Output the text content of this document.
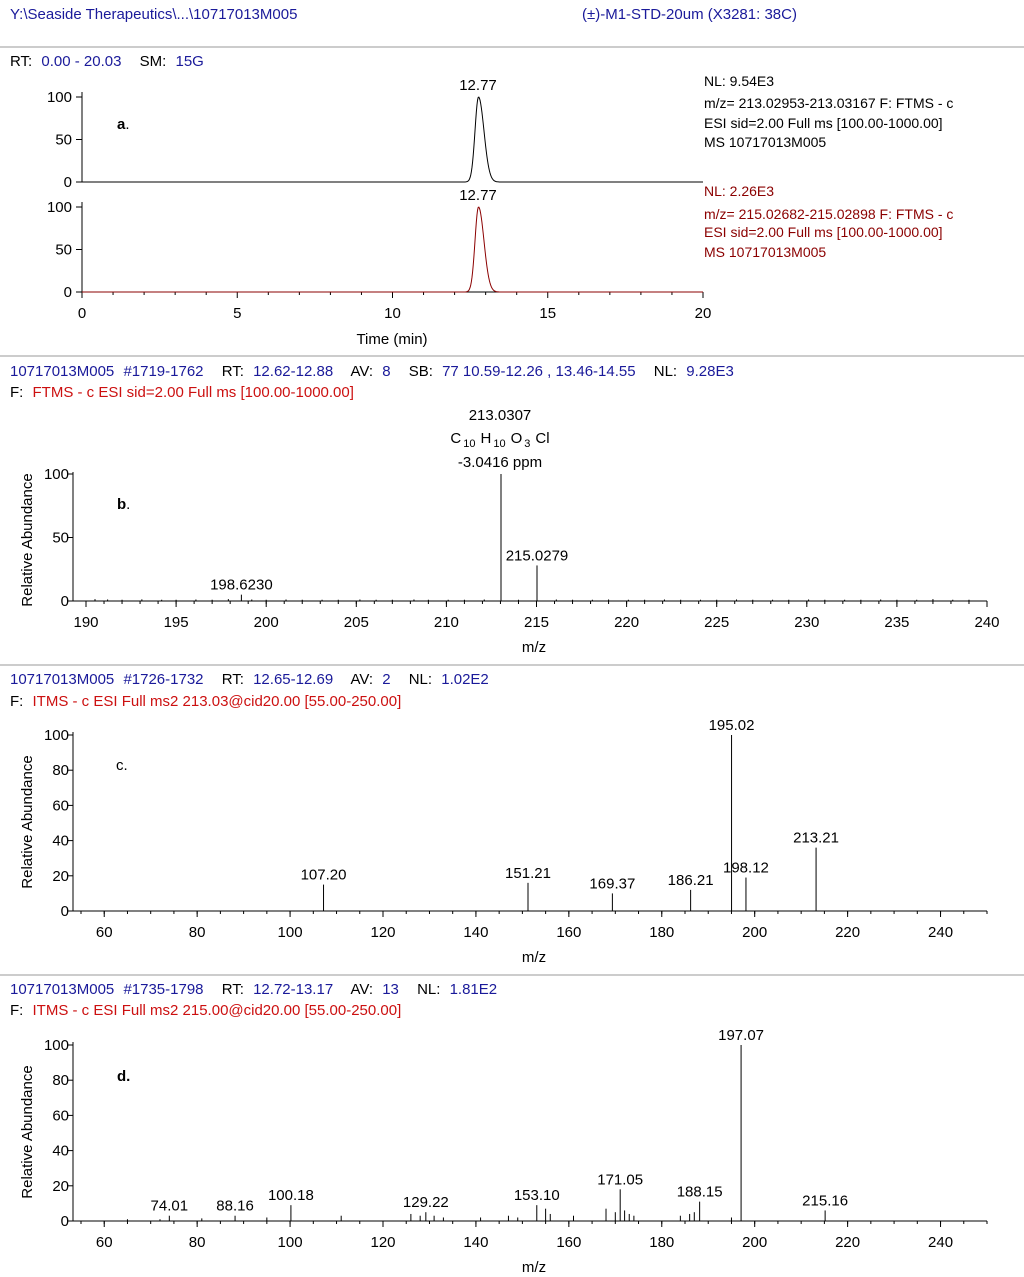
Y:\Seaside Therapeutics\...\10717013M005	(±)-M1-STD-20um (X3281: 38C)
RT: 0.00 - 20.03 SM: 15G
0
50
100
0
50
100
0	5	10	15	20
12.77
12.77
a.
Time (min)
NL: 9.54E3
m/z= 213.02953-213.03167 F: FTMS - c
ESI sid=2.00 Full ms [100.00-1000.00]
MS 10717013M005
NL: 2.26E3
m/z= 215.02682-215.02898 F: FTMS - c
ESI sid=2.00 Full ms [100.00-1000.00]
MS 10717013M005
10717013M005 #1719-1762 RT: 12.62-12.88 AV: 8 SB: 77 10.59-12.26 , 13.46-14.55 NL: 9.28E3
F: FTMS - c ESI sid=2.00 Full ms [100.00-1000.00]
213.0307
C $_{10}$ H $_{10}$ O $_3$ Cl
-3.0416 ppm
0
50
100
190	195	200	205	210	215	220	225	230	235	240
215.0279
198.6230
b.
m/z
Relative Abundance
10717013M005 #1726-1732 RT: 12.65-12.69 AV: 2 NL: 1.02E2
F: ITMS - c ESI Full ms2 213.03@cid20.00 [55.00-250.00]
0
20
40
60
80
100
60	80	100	120	140	160	180	200	220	240
195.02
213.21
198.12
151.21
107.20	186.21
169.37
c.
m/z
Relative Abundance
10717013M005 #1735-1798 RT: 12.72-13.17 AV: 13 NL: 1.81E2
F: ITMS - c ESI Full ms2 215.00@cid20.00 [55.00-250.00]
0
20
40
60
80
100
60	80	100	120	140	160	180	200	220	240
197.07
171.05
188.15
153.10
100.18	215.16
129.22
88.16
74.01
d.
m/z
Relative Abundance
